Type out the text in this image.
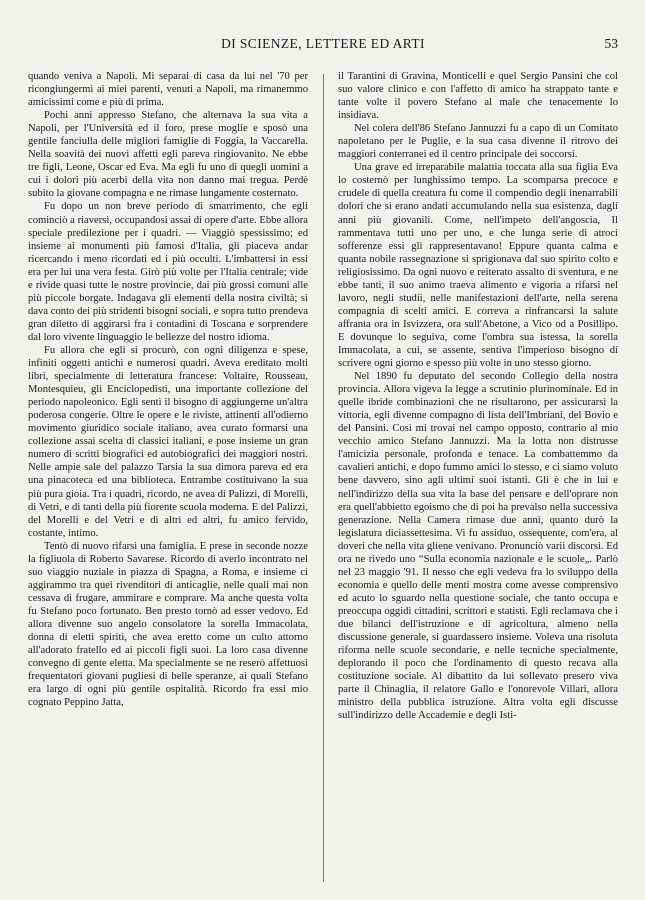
DI SCIENZE, LETTERE ED ARTI	53

quando veniva a Napoli. Mi separai di casa da lui nel '70 per ricongiungermi ai miei parenti, venuti a Napoli, ma rimanemmo amicissimi come e più di prima.

Pochi anni appresso Stefano, che alternava la sua vita a Napoli, per l'Università ed il foro, prese moglie e sposò una gentile fanciulla delle migliori famiglie di Foggia, la Vaccarella. Nella soavità dei nuovi affetti egli pareva ringiovanito. Ne ebbe tre figli, Leone, Oscar ed Eva. Ma egli fu uno di quegli uomini a cui i dolori più acerbi della vita non danno mai tregua. Perdè subito la giovane compagna e ne rimase lungamente costernato.

Fu dopo un non breve periodo di smarrimento, che egli cominciò a riaversi, occupandosi assai di opere d'arte. Ebbe allora speciale predilezione per i quadri. — Viaggiò spessissimo; ed insieme ai monumenti più famosi d'Italia, gli piaceva andar ricercando i meno ricordati ed i più occulti. L'imbattersi in essi era per lui una vera festa. Girò più volte per l'Italia centrale; vide e rivide quasi tutte le nostre provincie, dai più grossi comuni alle più piccole borgate. Indagava gli elementi della nostra civiltà; si dava conto dei più stridenti bisogni sociali, e sopra tutto prendeva gran diletto di aggirarsi fra i contadini di Toscana e sorprendere dal loro vivente linguaggio le bellezze del nostro idioma.

Fu allora che egli si procurò, con ogni diligenza e spese, infiniti oggetti antichi e numerosi quadri. Aveva ereditato molti libri, specialmente di letteratura francese: Voltaire, Rousseau, Montesquieu, gli Enciclopedisti, una importante collezione del periodo napoleonico. Egli sentì il bisogno di aggiungerne un'altra poderosa congerie. Oltre le opere e le riviste, attinenti all'odierno movimento giuridico sociale italiano, avea curato formarsi una collezione assai scelta di classici italiani, e pose insieme un gran numero di scritti biografici ed autobiografici dei maggiori nostri. Nelle ampie sale del palazzo Tarsia la sua dimora pareva ed era una pinacoteca ed una biblioteca. Entrambe costituivano la sua più pura gioia. Tra i quadri, ricordo, ne avea di Palizzi, di Morelli, di Vetri, e di tanti della più fiorente scuola moderna. E del Palizzi, del Morelli e del Vetri e di altri ed altri, fu amico fervido, costante, intimo.

Tentò di nuovo rifarsi una famiglia. E prese in seconde nozze la figliuola di Roberto Savarese. Ricordo di averlo incontrato nel suo viaggio nuziale in piazza di Spagna, a Roma, e insieme ci aggirammo tra quei rivenditori di anticaglie, nelle quali mai non cessava di frugare, ammirare e comprare. Ma anche questa volta fu Stefano poco fortunato. Ben presto tornò ad esser vedovo. Ed allora divenne suo angelo consolatore la sorella Immacolata, donna di eletti spiriti, che avea eretto come un culto attorno all'adorato fratello ed ai piccoli figli suoi. La loro casa divenne convegno di gente eletta. Ma specialmente se ne reserò affettuosi frequentatori giovani pugliesi di belle speranze, ai quali Stefano era largo di ogni più gentile ospitalità. Ricordo fra essi mio cognato Peppino Jatta,

il Tarantini di Gravina, Monticelli e quel Sergio Pansini che col suo valore clinico e con l'affetto di amico ha strappato tante e tante volte il povero Stefano al male che tenacemente lo insidiava.

Nel colera dell'86 Stefano Jannuzzi fu a capo di un Comitato napoletano per le Puglie, e la sua casa divenne il ritrovo dei maggiori conterranei ed il centro principale dei soccorsi.

Una grave ed irreparabile malattia toccata alla sua figlia Eva lo costernò per lunghissimo tempo. La scomparsa precoce e crudele di quella creatura fu come il compendio degli inenarrabili dolori che si erano andati accumulando nella sua esistenza, dagli anni più giovanili. Come, nell'impeto dell'angoscia, Il rammentava tutti uno per uno, e che lunga serie di atroci sofferenze essi gli rappresentavano! Eppure quanta calma e quanta nobile rassegnazione si sprigionava dal suo spirito colto e religiosissimo. Da ogni nuovo e reiterato assalto di sventura, e ne ebbe tanti, il suo animo traeva alimento e vigoria a rifarsi nel lavoro, negli studii, nelle manifestazioni dell'arte, nella serena compagnia di scelti amici. E correva a rinfrancarsi la salute affranta ora in Isvizzera, ora sull'Abetone, a Vico od a Posillipo. E dovunque lo seguiva, come l'ombra sua istessa, la sorella Immacolata, a cui, se assente, sentiva l'imperioso bisogno di scrivere ogni giorno e spesso più volte in uno stesso giorno.

Nel 1890 fu deputato del secondo Collegio della nostra provincia. Allora vigeva la legge a scrutinio plurinominale. Ed in quelle ibride combinazioni che ne risultarono, per assicurarsi la vittoria, egli divenne compagno di lista dell'Imbriani, del Bovio e del Pansini. Così mi trovai nel campo opposto, contrario al mio vecchio amico Stefano Jannuzzi. Ma la lotta non distrusse l'amicizia personale, profonda e tenace. La combattemmo da cavalieri antichi, e dopo fummo amici lo stesso, e ci siamo voluto bene davvero, sino agli ultimi suoi istanti. Gli è che in lui e nell'indirizzo della sua vita la base del pensare e dell'oprare non era quell'abbietto egoismo che di poi ha prevalso nella successiva generazione. Nella Camera rimase due anni, quanto durò la legislatura diciassettesima. Vi fu assiduo, ossequente, com'era, al doveri che nella vita gliene venivano. Pronunciò varii discorsi. Ed ora ne rivedo uno “Sulla economia nazionale e le scuole„. Parlò nel 23 maggio '91. Il nesso che egli vedeva fra lo sviluppo della economia e quello delle menti mostra come avesse comprensivo ed acuto lo sguardo nella questione sociale, che tanto occupa e preoccupa oggidì cittadini, scrittori e statisti. Egli reclamava che i due bilanci dell'istruzione e di agricoltura, almeno nella discussione generale, si guardassero insieme. Voleva una risoluta riforma nelle scuole secondarie, e nelle tecniche specialmente, deplorando il poco che l'ordinamento di questo recava alla costituzione sociale. Al dibattito da lui sollevato presero viva parte il Chinaglia, il relatore Gallo e l'onorevole Villari, allora ministro della pubblica istruzione. Altra volta egli discusse sull'indirizzo delle Accademie e degli Isti-
